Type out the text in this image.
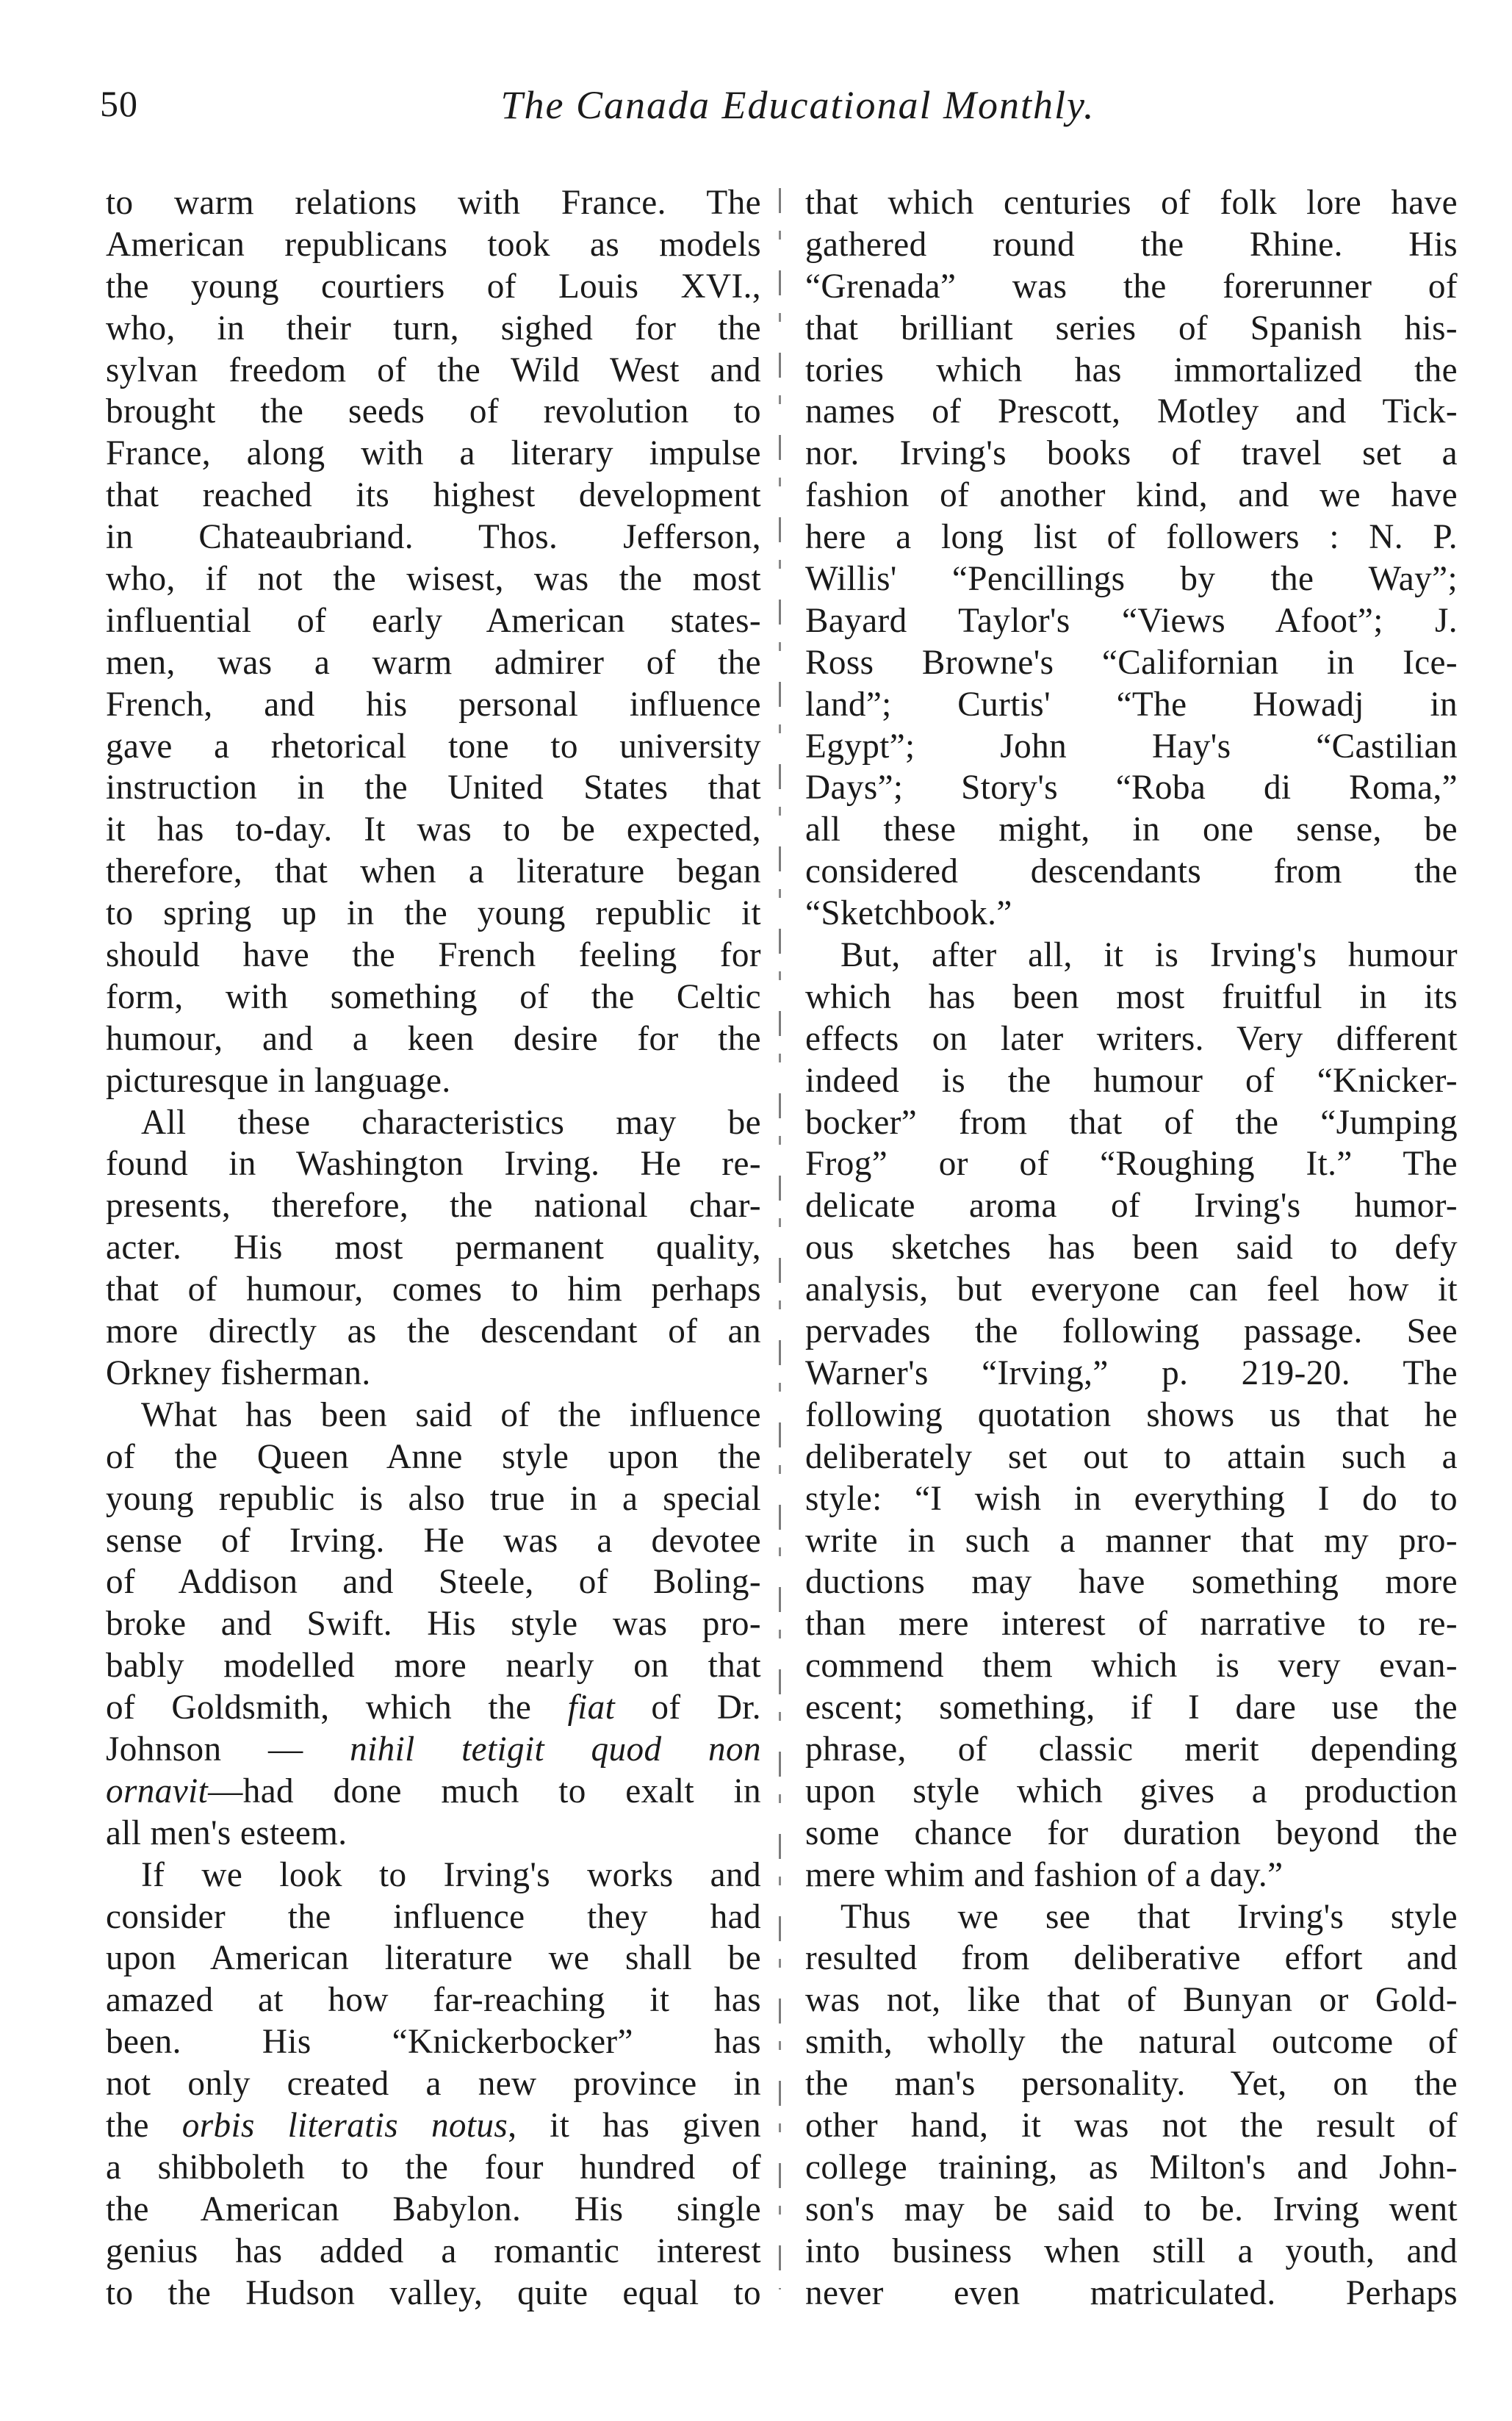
50	The Canada Educational Monthly.
to warm relations with France. The
American republicans took as models
the young courtiers of Louis XVI.,
who, in their turn, sighed for the
sylvan freedom of the Wild West and
brought the seeds of revolution to
France, along with a literary impulse
that reached its highest development
in Chateaubriand. Thos. Jefferson,
who, if not the wisest, was the most
influential of early American states-
men, was a warm admirer of the
French, and his personal influence
gave a rhetorical tone to university
instruction in the United States that
it has to-day. It was to be expected,
therefore, that when a literature began
to spring up in the young republic it
should have the French feeling for
form, with something of the Celtic
humour, and a keen desire for the
picturesque in language.
All these characteristics may be
found in Washington Irving. He re-
presents, therefore, the national char-
acter. His most permanent quality,
that of humour, comes to him perhaps
more directly as the descendant of an
Orkney fisherman.
What has been said of the influence
of the Queen Anne style upon the
young republic is also true in a special
sense of Irving. He was a devotee
of Addison and Steele, of Boling-
broke and Swift. His style was pro-
bably modelled more nearly on that
of Goldsmith, which the fiat of Dr.
Johnson — nihil tetigit quod non
ornavit—had done much to exalt in
all men's esteem.
If we look to Irving's works and
consider the influence they had
upon American literature we shall be
amazed at how far-reaching it has
been. His “Knickerbocker” has
not only created a new province in
the orbis literatis notus, it has given
a shibboleth to the four hundred of
the American Babylon. His single
genius has added a romantic interest
to the Hudson valley, quite equal to
that which centuries of folk lore have
gathered round the Rhine. His
“Grenada” was the forerunner of
that brilliant series of Spanish his-
tories which has immortalized the
names of Prescott, Motley and Tick-
nor. Irving's books of travel set a
fashion of another kind, and we have
here a long list of followers : N. P.
Willis' “Pencillings by the Way”;
Bayard Taylor's “Views Afoot”; J.
Ross Browne's “Californian in Ice-
land”; Curtis' “The Howadj in
Egypt”; John Hay's “Castilian
Days”; Story's “Roba di Roma,”
all these might, in one sense, be
considered descendants from the
“Sketchbook.”
But, after all, it is Irving's humour
which has been most fruitful in its
effects on later writers. Very different
indeed is the humour of “Knicker-
bocker” from that of the “Jumping
Frog” or of “Roughing It.” The
delicate aroma of Irving's humor-
ous sketches has been said to defy
analysis, but everyone can feel how it
pervades the following passage. See
Warner's “Irving,” p. 219-20. The
following quotation shows us that he
deliberately set out to attain such a
style: “I wish in everything I do to
write in such a manner that my pro-
ductions may have something more
than mere interest of narrative to re-
commend them which is very evan-
escent; something, if I dare use the
phrase, of classic merit depending
upon style which gives a production
some chance for duration beyond the
mere whim and fashion of a day.”
Thus we see that Irving's style
resulted from deliberative effort and
was not, like that of Bunyan or Gold-
smith, wholly the natural outcome of
the man's personality. Yet, on the
other hand, it was not the result of
college training, as Milton's and John-
son's may be said to be. Irving went
into business when still a youth, and
never even matriculated. Perhaps
